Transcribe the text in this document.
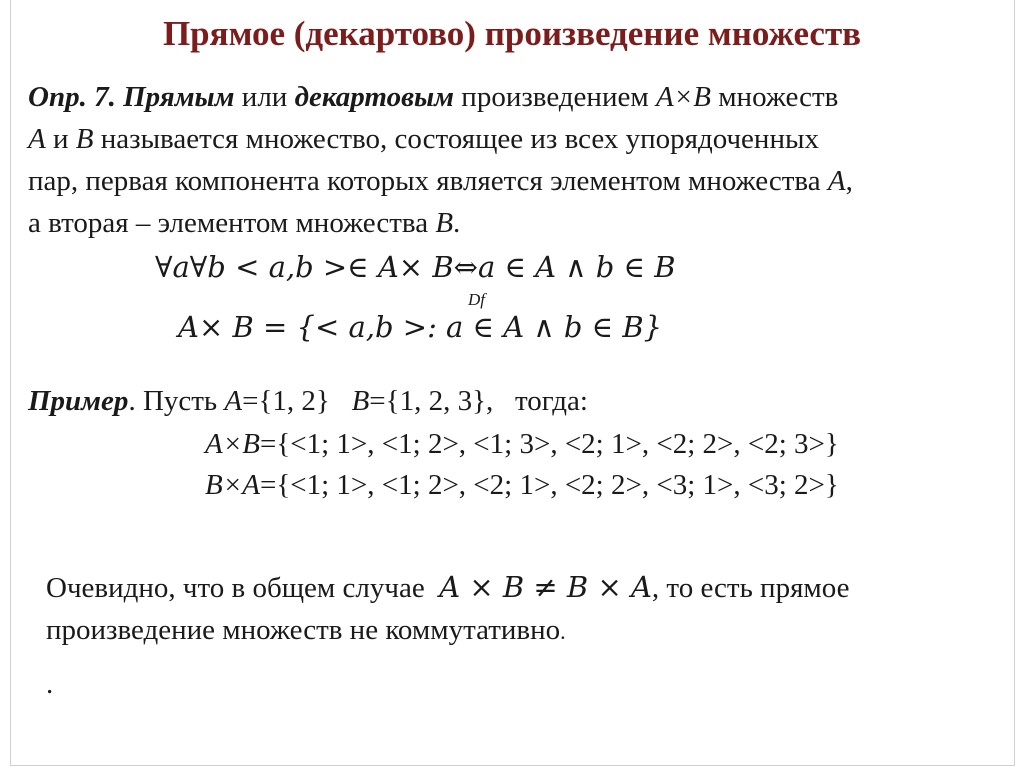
Прямое (декартово) произведение множеств
Опр. 7. Прямым или декартовым произведением A×B множеств
A и B называется множество, состоящее из всех упорядоченных
пар, первая компонента которых является элементом множества A,
а вторая – элементом множества B.
∀a∀b < a,b >∈ A× B⇔a ∈ A ∧ b ∈ B
Df
A× B = {< a,b >: a ∈ A ∧ b ∈ B}
Пример. Пусть A={1, 2} B={1, 2, 3}, тогда:
A×B={<1; 1>, <1; 2>, <1; 3>, <2; 1>, <2; 2>, <2; 3>}
B×A={<1; 1>, <1; 2>, <2; 1>, <2; 2>, <3; 1>, <3; 2>}
Очевидно, что в общем случае A × B ≠ B × A, то есть прямое
произведение множеств не коммутативно.
.
